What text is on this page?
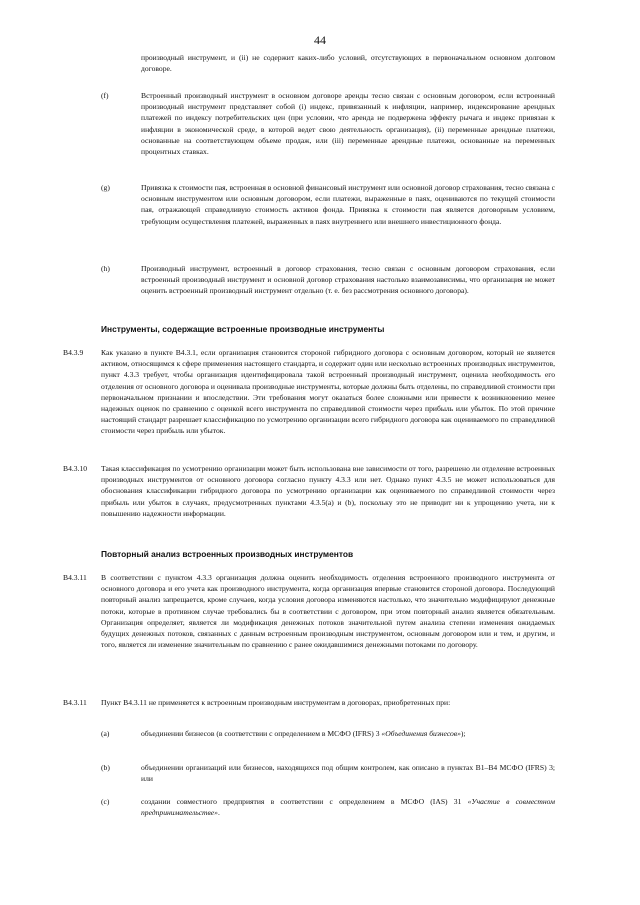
44
производный инструмент, и (ii) не содержит каких-либо условий, отсутствующих в первоначальном основном долговом договоре.
(f)	Встроенный производный инструмент в основном договоре аренды тесно связан с основным договором, если встроенный производный инструмент представляет собой (i) индекс, привязанный к инфляции, например, индексирование арендных платежей по индексу потребительских цен (при условии, что аренда не подвержена эффекту рычага и индекс привязан к инфляции в экономической среде, в которой ведет свою деятельность организация), (ii) переменные арендные платежи, основанные на соответствующем объеме продаж, или (iii) переменные арендные платежи, основанные на переменных процентных ставках.
(g)	Привязка к стоимости пая, встроенная в основной финансовый инструмент или основной договор страхования, тесно связана с основным инструментом или основным договором, если платежи, выраженные в паях, оцениваются по текущей стоимости пая, отражающей справедливую стоимость активов фонда. Привязка к стоимости пая является договорным условием, требующим осуществления платежей, выраженных в паях внутреннего или внешнего инвестиционного фонда.
(h)	Производный инструмент, встроенный в договор страхования, тесно связан с основным договором страхования, если встроенный производный инструмент и основной договор страхования настолько взаимозависимы, что организация не может оценить встроенный производный инструмент отдельно (т. е. без рассмотрения основного договора).
Инструменты, содержащие встроенные производные инструменты
B4.3.9 Как указано в пункте B4.3.1, если организация становится стороной гибридного договора с основным договором, который не является активом, относящимся к сфере применения настоящего стандарта, и содержит один или несколько встроенных производных инструментов, пункт 4.3.3 требует, чтобы организация идентифицировала такой встроенный производный инструмент, оценила необходимость его отделения от основного договора и оценивала производные инструменты, которые должны быть отделены, по справедливой стоимости при первоначальном признании и впоследствии. Эти требования могут оказаться более сложными или привести к возникновению менее надежных оценок по сравнению с оценкой всего инструмента по справедливой стоимости через прибыль или убыток. По этой причине настоящий стандарт разрешает классификацию по усмотрению организации всего гибридного договора как оцениваемого по справедливой стоимости через прибыль или убыток.
B4.3.10 Такая классификация по усмотрению организации может быть использована вне зависимости от того, разрешено ли отделение встроенных производных инструментов от основного договора согласно пункту 4.3.3 или нет. Однако пункт 4.3.5 не может использоваться для обоснования классификации гибридного договора по усмотрению организации как оцениваемого по справедливой стоимости через прибыль или убыток в случаях, предусмотренных пунктами 4.3.5(a) и (b), поскольку это не приводит ни к упрощению учета, ни к повышению надежности информации.
Повторный анализ встроенных производных инструментов
B4.3.11 В соответствии с пунктом 4.3.3 организация должна оценить необходимость отделения встроенного производного инструмента от основного договора и его учета как производного инструмента, когда организация впервые становится стороной договора. Последующий повторный анализ запрещается, кроме случаев, когда условия договора изменяются настолько, что значительно модифицируют денежные потоки, которые в противном случае требовались бы в соответствии с договором, при этом повторный анализ является обязательным. Организация определяет, является ли модификация денежных потоков значительной путем анализа степени изменения ожидаемых будущих денежных потоков, связанных с данным встроенным производным инструментом, основным договором или и тем, и другим, и того, является ли изменение значительным по сравнению с ранее ожидавшимися денежными потоками по договору.
B4.3.11 Пункт B4.3.11 не применяется к встроенным производным инструментам в договорах, приобретенных при:
(a)	объединении бизнесов (в соответствии с определением в МСФО (IFRS) 3 «Объединения бизнесов»);
(b)	объединении организаций или бизнесов, находящихся под общим контролем, как описано в пунктах B1–B4 МСФО (IFRS) 3; или
(c)	создании совместного предприятия в соответствии с определением в МСФО (IAS) 31 «Участие в совместном предпринимательстве».
